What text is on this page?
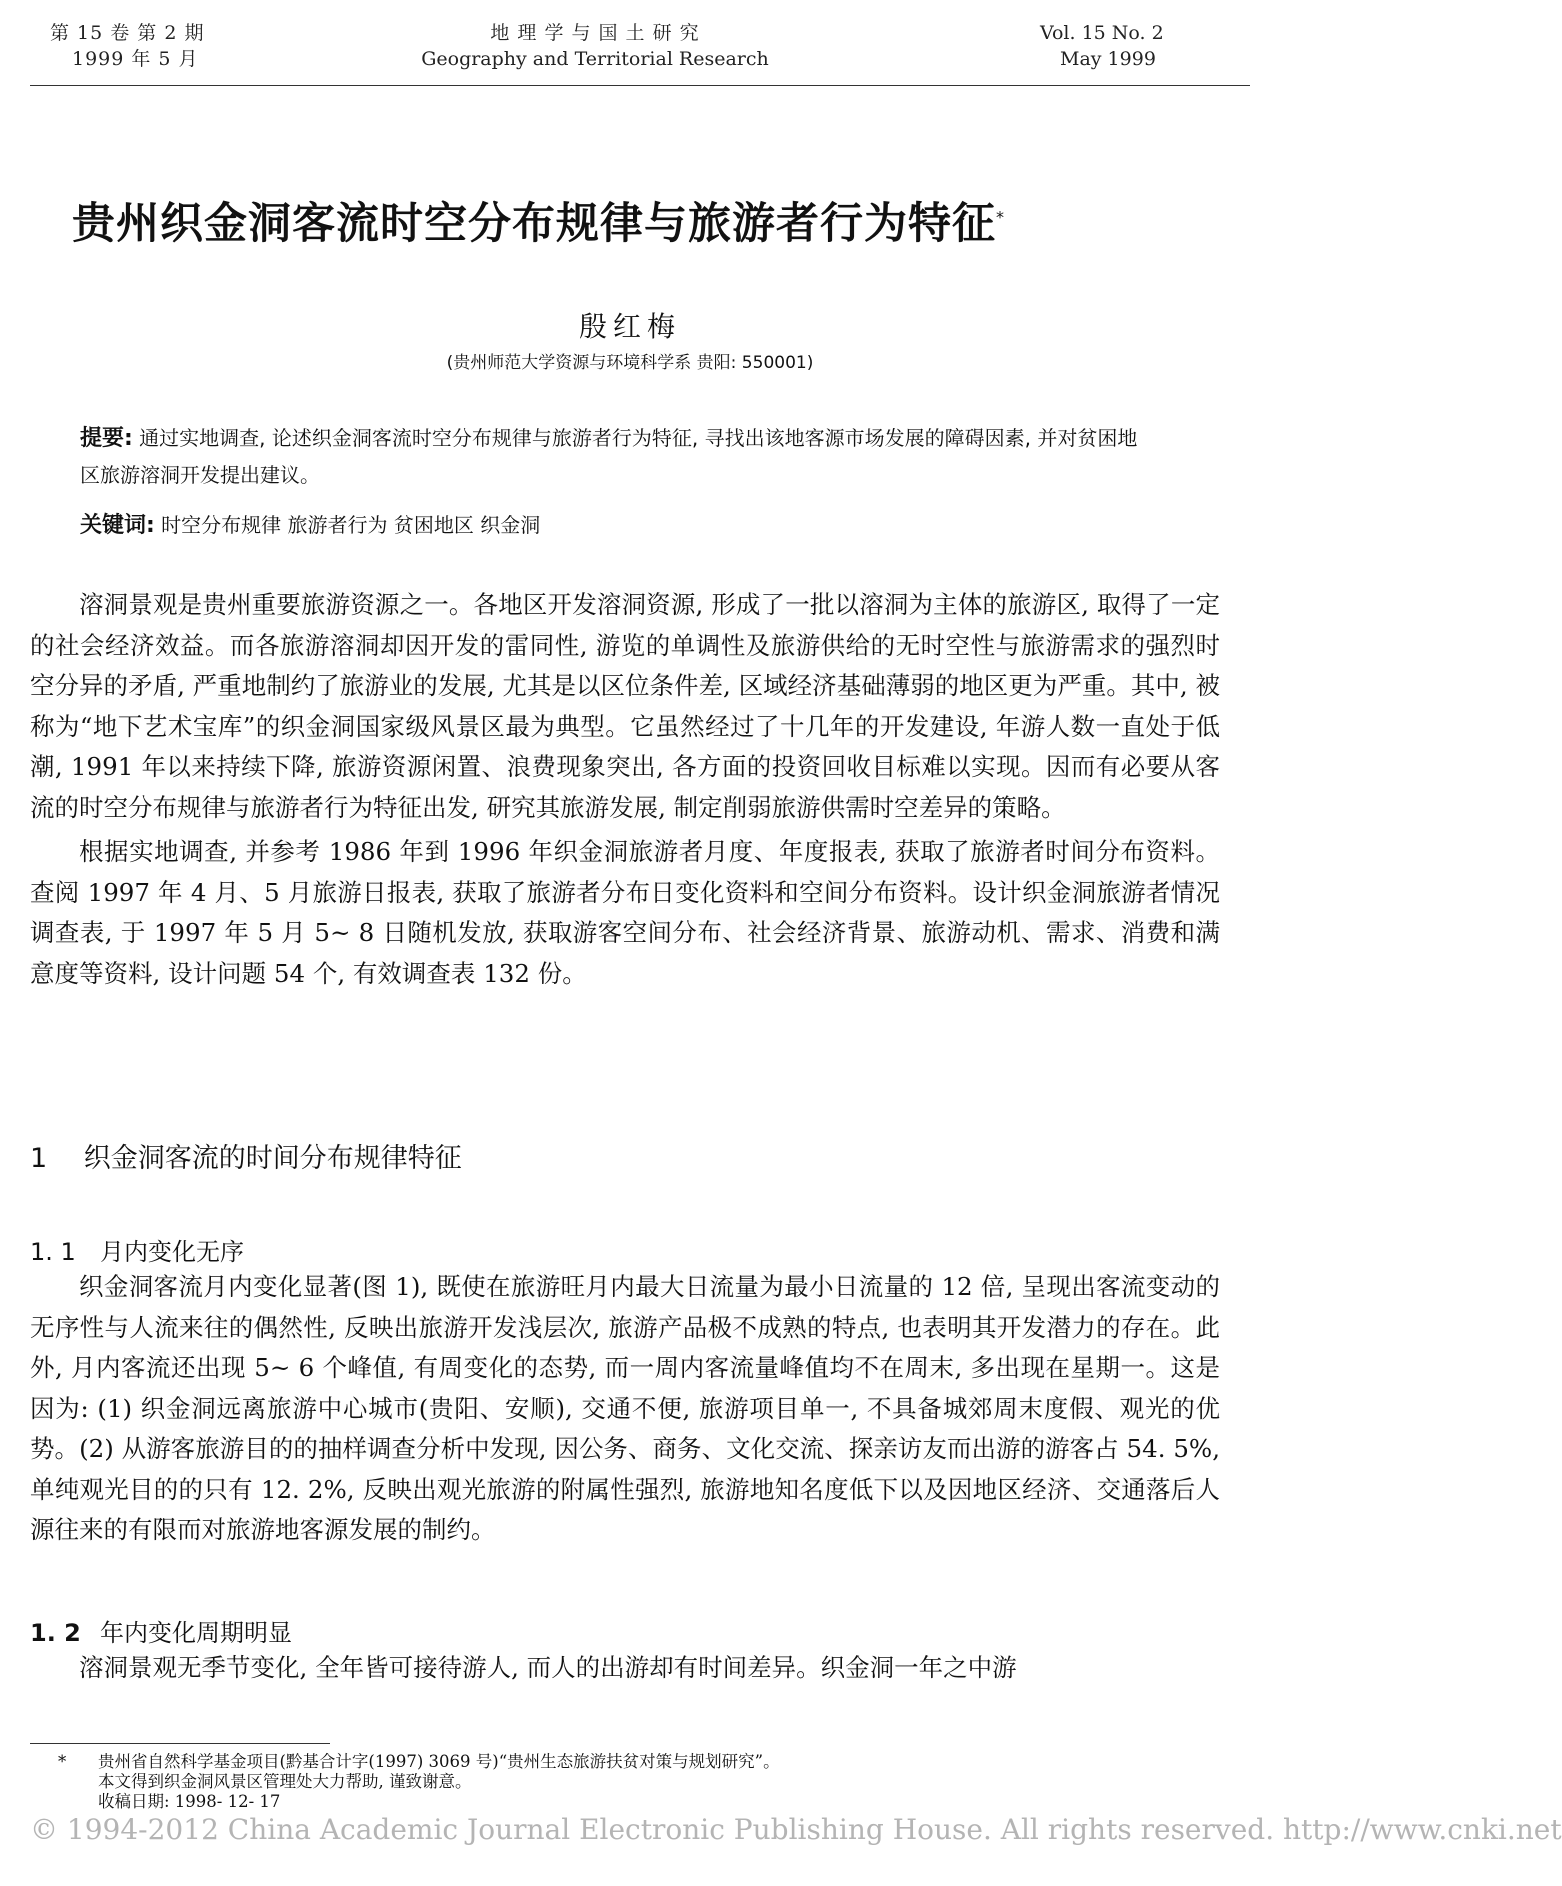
第 15 卷 第 2 期
1999 年 5 月
地 理 学 与 国 土 研 究
Geography and Territorial Research
Vol. 15 No. 2
May 1999
贵州织金洞客流时空分布规律与旅游者行为特征*
殷红梅
(贵州师范大学资源与环境科学系 贵阳: 550001)
提要: 通过实地调查, 论述织金洞客流时空分布规律与旅游者行为特征, 寻找出该地客源市场发展的障碍因素, 并对贫困地区旅游溶洞开发提出建议。
关键词: 时空分布规律 旅游者行为 贫困地区 织金洞

溶洞景观是贵州重要旅游资源之一。各地区开发溶洞资源, 形成了一批以溶洞为主体的旅游区, 取得了一定的社会经济效益。而各旅游溶洞却因开发的雷同性, 游览的单调性及旅游供给的无时空性与旅游需求的强烈时空分异的矛盾, 严重地制约了旅游业的发展, 尤其是以区位条件差, 区域经济基础薄弱的地区更为严重。其中, 被称为“地下艺术宝库”的织金洞国家级风景区最为典型。它虽然经过了十几年的开发建设, 年游人数一直处于低潮, 1991 年以来持续下降, 旅游资源闲置、浪费现象突出, 各方面的投资回收目标难以实现。因而有必要从客流的时空分布规律与旅游者行为特征出发, 研究其旅游发展, 制定削弱旅游供需时空差异的策略。

根据实地调查, 并参考 1986 年到 1996 年织金洞旅游者月度、年度报表, 获取了旅游者时间分布资料。查阅 1997 年 4 月、5 月旅游日报表, 获取了旅游者分布日变化资料和空间分布资料。设计织金洞旅游者情况调查表, 于 1997 年 5 月 5~ 8 日随机发放, 获取游客空间分布、社会经济背景、旅游动机、需求、消费和满意度等资料, 设计问题 54 个, 有效调查表 132 份。

1 织金洞客流的时间分布规律特征
1. 1 月内变化无序

织金洞客流月内变化显著(图 1), 既使在旅游旺月内最大日流量为最小日流量的 12 倍, 呈现出客流变动的无序性与人流来往的偶然性, 反映出旅游开发浅层次, 旅游产品极不成熟的特点, 也表明其开发潜力的存在。此外, 月内客流还出现 5~ 6 个峰值, 有周变化的态势, 而一周内客流量峰值均不在周末, 多出现在星期一。这是因为: (1) 织金洞远离旅游中心城市(贵阳、安顺), 交通不便, 旅游项目单一, 不具备城郊周末度假、观光的优势。(2) 从游客旅游目的的抽样调查分析中发现, 因公务、商务、文化交流、探亲访友而出游的游客占 54. 5%, 单纯观光目的的只有 12. 2%, 反映出观光旅游的附属性强烈, 旅游地知名度低下以及因地区经济、交通落后人源往来的有限而对旅游地客源发展的制约。

1. 2 年内变化周期明显

溶洞景观无季节变化, 全年皆可接待游人, 而人的出游却有时间差异。织金洞一年之中游

*	贵州省自然科学基金项目(黔基合计字(1997) 3069 号)“贵州生态旅游扶贫对策与规划研究”。
本文得到织金洞风景区管理处大力帮助, 谨致谢意。
收稿日期: 1998- 12- 17
© 1994-2012 China Academic Journal Electronic Publishing House. All rights reserved. http://www.cnki.net
